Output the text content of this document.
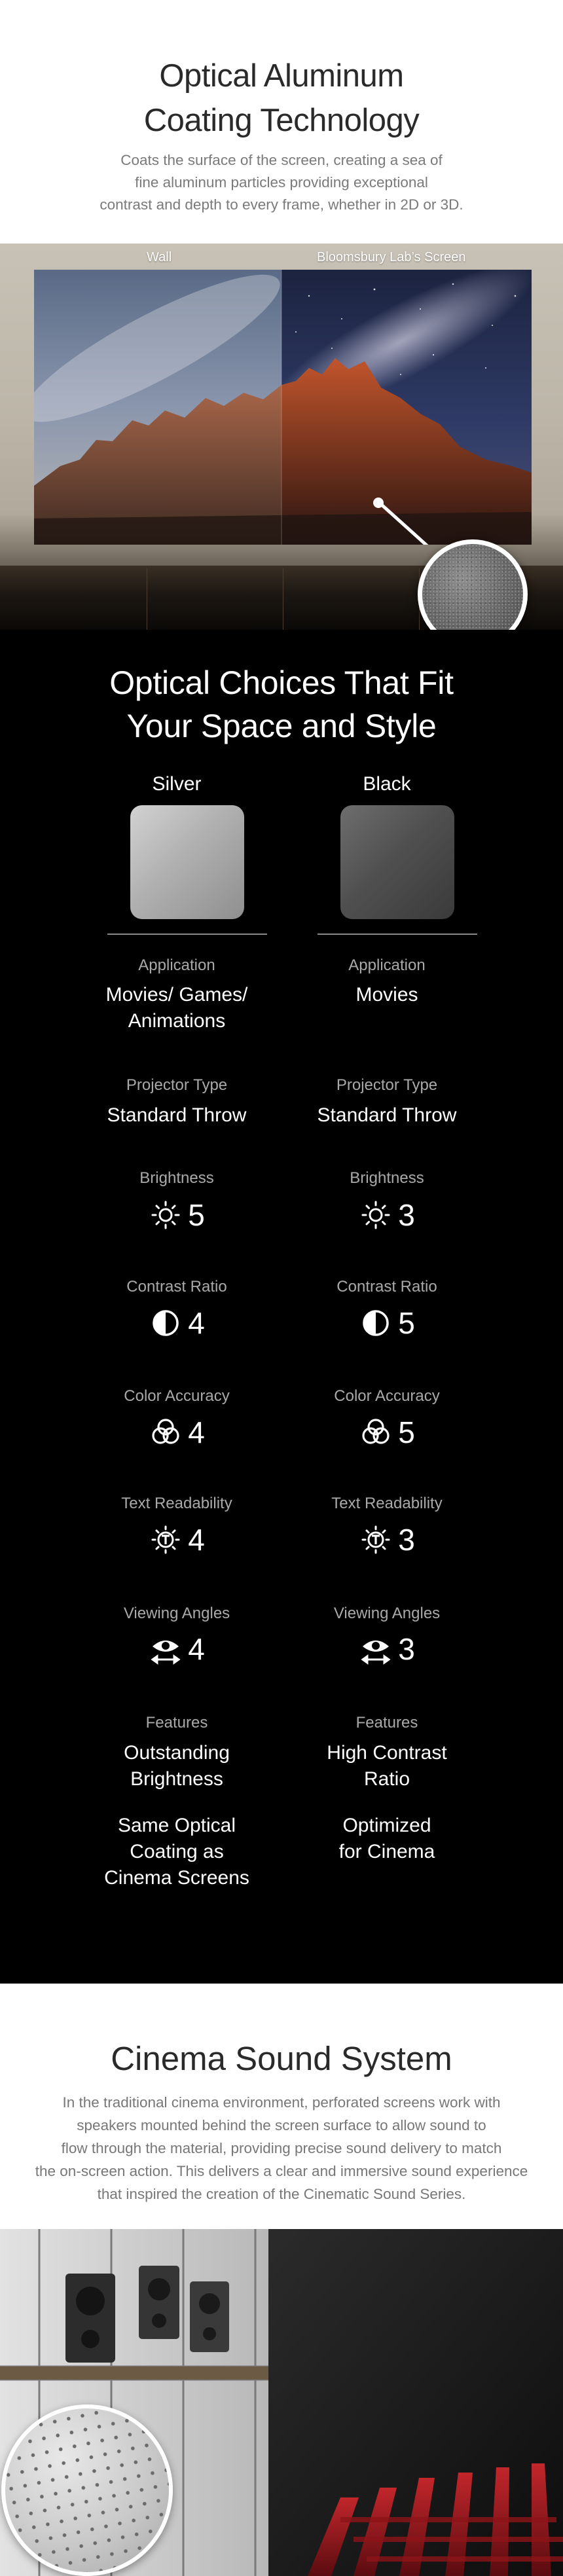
Optical Aluminum
Coating Technology

Coats the surface of the screen, creating a sea of
fine aluminum particles providing exceptional
contrast and depth to every frame, whether in 2D or 3D.

Wall	Bloomsbury Lab’s Screen
Optical Choices That Fit
Your Space and Style
Silver
Application
Movies/ Games/
Animations
Projector Type
Standard Throw
Brightness
5
Contrast Ratio
4
Color Accuracy
4
Text Readability
4
Viewing Angles
4
Features
Outstanding
Brightness
Same Optical
Coating as
Cinema Screens
Black
Application
Movies
Projector Type
Standard Throw
Brightness
3
Contrast Ratio
5
Color Accuracy
5
Text Readability
3
Viewing Angles
3
Features
High Contrast
Ratio
Optimized
for Cinema
Cinema Sound System

In the traditional cinema environment, perforated screens work with
speakers mounted behind the screen surface to allow sound to
flow through the material, providing precise sound delivery to match
the on-screen action. This delivers a clear and immersive sound experience
that inspired the creation of the Cinematic Sound Series.
